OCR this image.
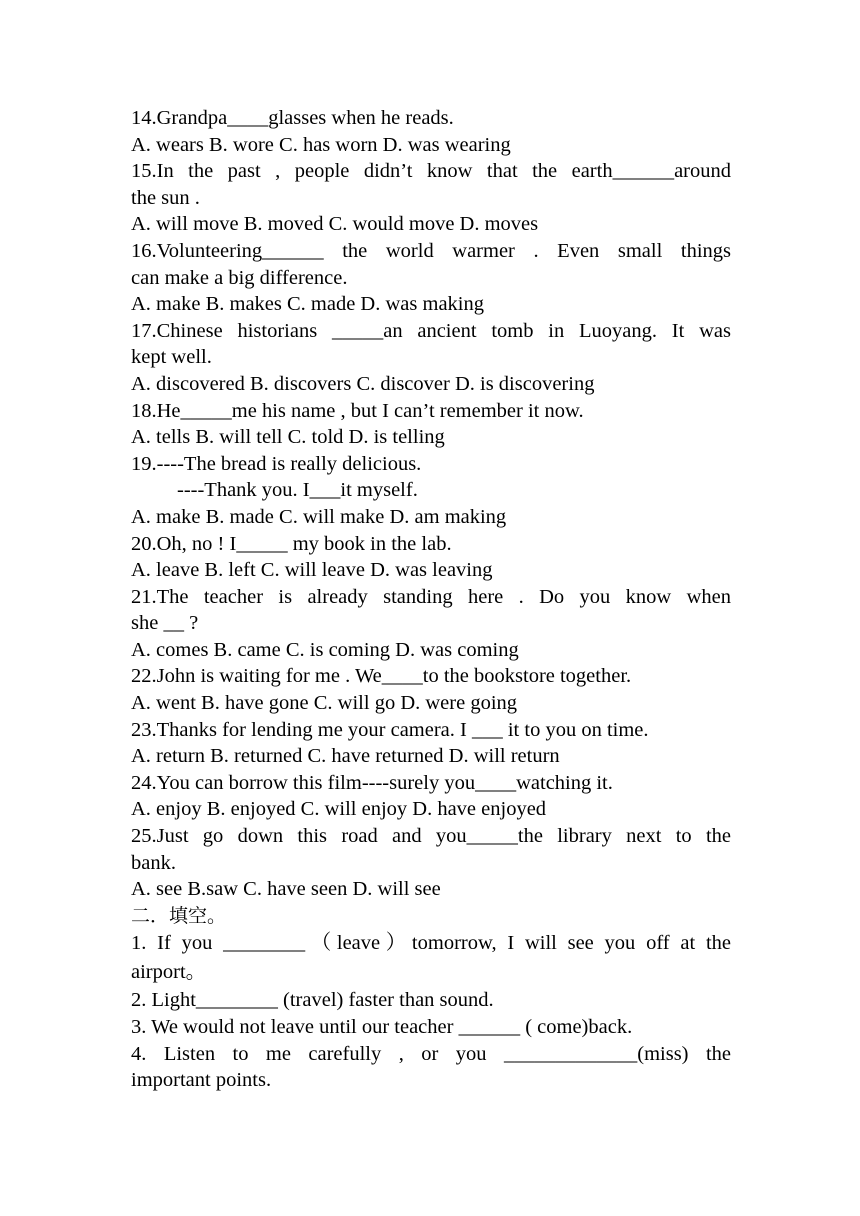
14.Grandpa____glasses when he reads.
A. wears B. wore C. has worn D. was wearing
15.In the past , people didn’t know that the earth______around
the sun .
A. will move B. moved C. would move D. moves
16.Volunteering______ the world warmer . Even small things
can make a big difference.
A. make B. makes C. made D. was making
17.Chinese historians _____an ancient tomb in Luoyang. It was
kept well.
A. discovered B. discovers C. discover D. is discovering
18.He_____me his name , but I can’t remember it now.
A. tells B. will tell C. told D. is telling
19.----The bread is really delicious.
----Thank you. I___it myself.
A. make B. made C. will make D. am making
20.Oh, no ! I_____ my book in the lab.
A. leave B. left C. will leave D. was leaving
21.The teacher is already standing here . Do you know when
she __ ?
A. comes B. came C. is coming D. was coming
22.John is waiting for me . We____to the bookstore together.
A. went B. have gone C. will go D. were going
23.Thanks for lending me your camera. I ___ it to you on time.
A. return B. returned C. have returned D. will return
24.You can borrow this film----surely you____watching it.
A. enjoy B. enjoyed C. will enjoy D. have enjoyed
25.Just go down this road and you_____the library next to the
bank.
A. see B.saw C. have seen D. will see
二．填空。
1. If you ________（leave）tomorrow, I will see you off at the
airport。
2. Light________ (travel) faster than sound.
3. We would not leave until our teacher ______ ( come)back.
4. Listen to me carefully , or you _____________(miss) the
important points.
